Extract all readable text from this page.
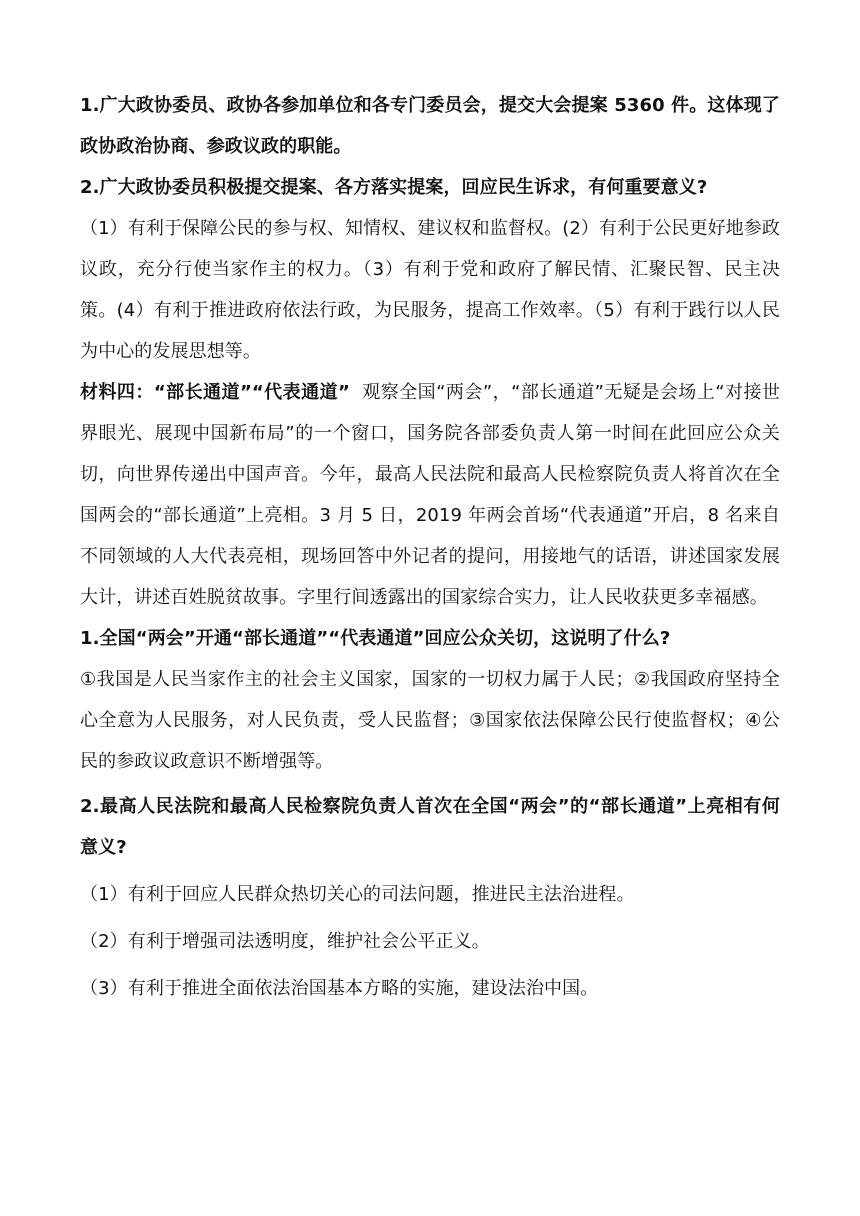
1.广大政协委员、政协各参加单位和各专门委员会，提交大会提案 5360 件。这体现了政协政治协商、参政议政的职能。

2.广大政协委员积极提交提案、各方落实提案，回应民生诉求，有何重要意义?

（1）有利于保障公民的参与权、知情权、建议权和监督权。(2）有利于公民更好地参政议政，充分行使当家作主的权力。（3）有利于党和政府了解民情、汇聚民智、民主决策。(4）有利于推进政府依法行政，为民服务，提高工作效率。（5）有利于践行以人民为中心的发展思想等。

材料四：“部长通道”“代表通道” 观察全国“两会”，“部长通道”无疑是会场上“对接世界眼光、展现中国新布局”的一个窗口，国务院各部委负责人第一时间在此回应公众关切，向世界传递出中国声音。今年，最高人民法院和最高人民检察院负责人将首次在全国两会的“部长通道”上亮相。3 月 5 日，2019 年两会首场“代表通道”开启，8 名来自不同领域的人大代表亮相，现场回答中外记者的提问，用接地气的话语，讲述国家发展大计，讲述百姓脱贫故事。字里行间透露出的国家综合实力，让人民收获更多幸福感。

1.全国“两会”开通“部长通道”“代表通道”回应公众关切，这说明了什么?

①我国是人民当家作主的社会主义国家，国家的一切权力属于人民；②我国政府坚持全心全意为人民服务，对人民负责，受人民监督；③国家依法保障公民行使监督权；④公民的参政议政意识不断增强等。

2.最高人民法院和最高人民检察院负责人首次在全国“两会”的“部长通道”上亮相有何意义?

（1）有利于回应人民群众热切关心的司法问题，推进民主法治进程。

（2）有利于增强司法透明度，维护社会公平正义。

（3）有利于推进全面依法治国基本方略的实施，建设法治中国。
